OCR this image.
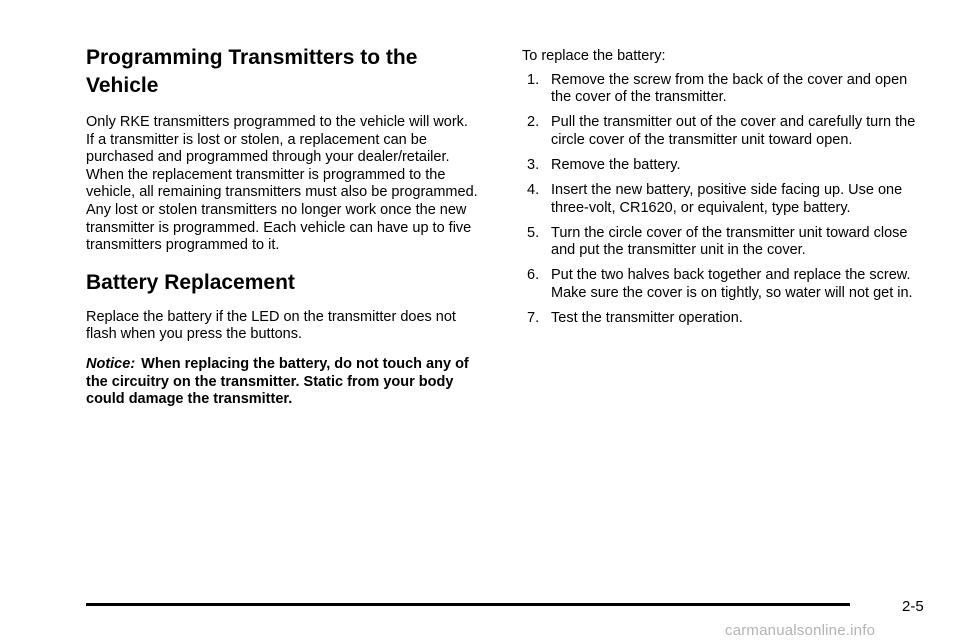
Programming Transmitters to the Vehicle

Only RKE transmitters programmed to the vehicle will work. If a transmitter is lost or stolen, a replacement can be purchased and programmed through your dealer/retailer. When the replacement transmitter is programmed to the vehicle, all remaining transmitters must also be programmed. Any lost or stolen transmitters no longer work once the new transmitter is programmed. Each vehicle can have up to five transmitters programmed to it.

Battery Replacement

Replace the battery if the LED on the transmitter does not flash when you press the buttons.

Notice: When replacing the battery, do not touch any of the circuitry on the transmitter. Static from your body could damage the transmitter.

To replace the battery:
1. Remove the screw from the back of the cover and open the cover of the transmitter.
2. Pull the transmitter out of the cover and carefully turn the circle cover of the transmitter unit toward open.
3. Remove the battery.
4. Insert the new battery, positive side facing up. Use one three-volt, CR1620, or equivalent, type battery.
5. Turn the circle cover of the transmitter unit toward close and put the transmitter unit in the cover.
6. Put the two halves back together and replace the screw. Make sure the cover is on tightly, so water will not get in.
7. Test the transmitter operation.
2-5
carmanualsonline.info
